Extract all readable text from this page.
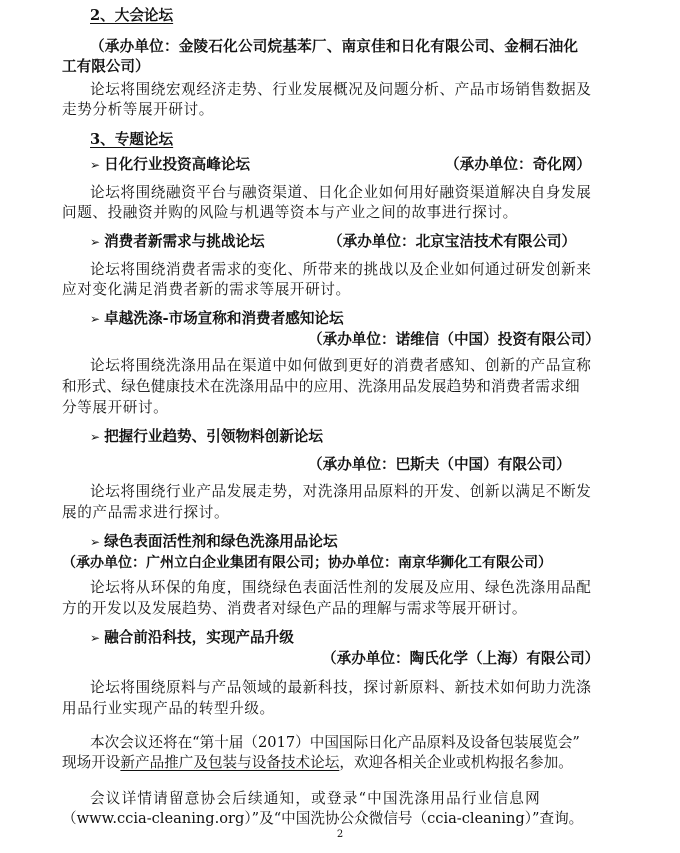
2、大会论坛
（承办单位：金陵石化公司烷基苯厂、南京佳和日化有限公司、金桐石油化
工有限公司）
论坛将围绕宏观经济走势、行业发展概况及问题分析、产品市场销售数据及
走势分析等展开研讨。
3、专题论坛
➢ 日化行业投资高峰论坛	（承办单位：奇化网）
论坛将围绕融资平台与融资渠道、日化企业如何用好融资渠道解决自身发展
问题、投融资并购的风险与机遇等资本与产业之间的故事进行探讨。
➢ 消费者新需求与挑战论坛	（承办单位：北京宝洁技术有限公司）
论坛将围绕消费者需求的变化、所带来的挑战以及企业如何通过研发创新来
应对变化满足消费者新的需求等展开研讨。
➢ 卓越洗涤-市场宣称和消费者感知论坛
（承办单位：诺维信（中国）投资有限公司）
论坛将围绕洗涤用品在渠道中如何做到更好的消费者感知、创新的产品宣称
和形式、绿色健康技术在洗涤用品中的应用、洗涤用品发展趋势和消费者需求细
分等展开研讨。
➢ 把握行业趋势、引领物料创新论坛
（承办单位：巴斯夫（中国）有限公司）
论坛将围绕行业产品发展走势，对洗涤用品原料的开发、创新以满足不断发
展的产品需求进行探讨。
➢ 绿色表面活性剂和绿色洗涤用品论坛
（承办单位：广州立白企业集团有限公司；协办单位：南京华狮化工有限公司）
论坛将从环保的角度，围绕绿色表面活性剂的发展及应用、绿色洗涤用品配
方的开发以及发展趋势、消费者对绿色产品的理解与需求等展开研讨。
➢ 融合前沿科技，实现产品升级
（承办单位：陶氏化学（上海）有限公司）
论坛将围绕原料与产品领域的最新科技，探讨新原料、新技术如何助力洗涤
用品行业实现产品的转型升级。
本次会议还将在“第十届（2017）中国国际日化产品原料及设备包装展览会”
现场开设新产品推广及包装与设备技术论坛，欢迎各相关企业或机构报名参加。
会议详情请留意协会后续通知，或登录“中国洗涤用品行业信息网
（www.ccia-cleaning.org）”及“中国洗协公众微信号（ccia-cleaning）”查询。
2
